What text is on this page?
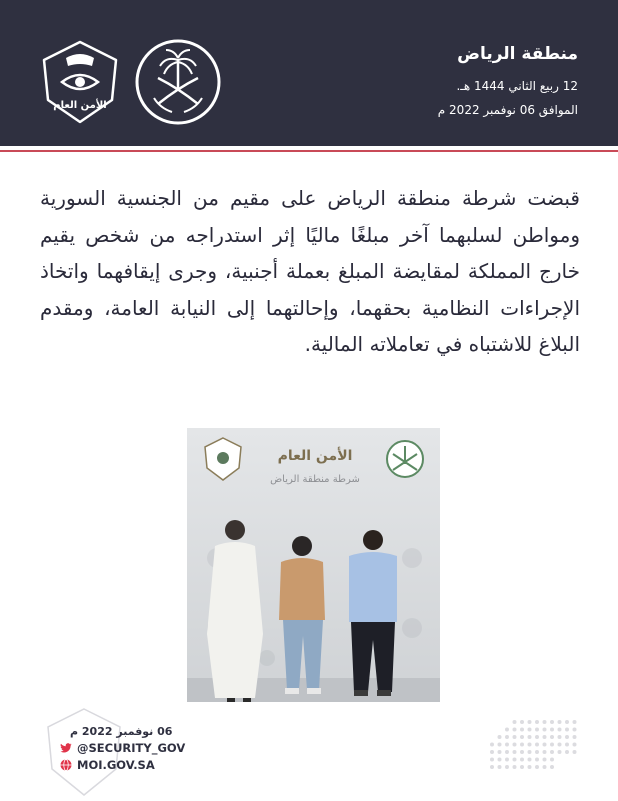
منطقة الرياض
12 ربيع الثاني 1444 هـ.
الموافق 06 نوفمبر 2022 م
الأمن العام
قبضت شرطة منطقة الرياض على مقيم من الجنسية السورية ومواطن لسلبهما آخر مبلغًا ماليًا إثر استدراجه من شخص يقيم خارج المملكة لمقايضة المبلغ بعملة أجنبية، وجرى إيقافهما واتخاذ الإجراءات النظامية بحقهما، وإحالتهما إلى النيابة العامة، ومقدم البلاغ للاشتباه في تعاملاته المالية.
الأمن العام
شرطة منطقة الرياض
06 نوفمبر 2022 م
@SECURITY_GOV
MOI.GOV.SA
